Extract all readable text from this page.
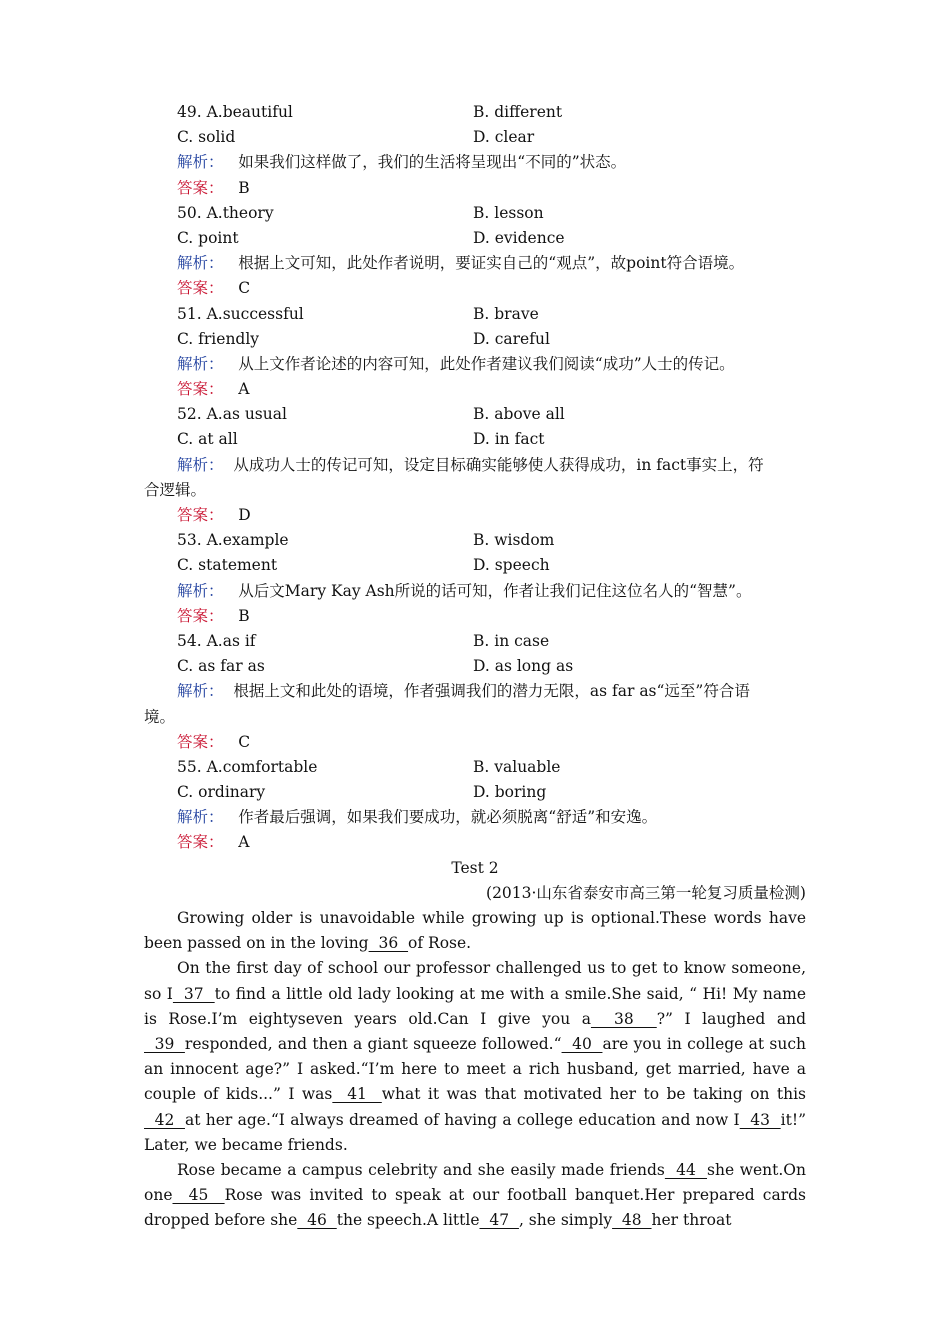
49. A.beautiful	B. different
C. solid	D. clear
解析： 如果我们这样做了，我们的生活将呈现出“不同的”状态。
答案： B
50. A.theory	B. lesson
C. point	D. evidence
解析： 根据上文可知，此处作者说明，要证实自己的“观点”，故point符合语境。
答案： C
51. A.successful	B. brave
C. friendly	D. careful
解析： 从上文作者论述的内容可知，此处作者建议我们阅读“成功”人士的传记。
答案： A
52. A.as usual	B. above all
C. at all	D. in fact
解析： 从成功人士的传记可知，设定目标确实能够使人获得成功，in fact事实上，符
合逻辑。
答案： D
53. A.example	B. wisdom
C. statement	D. speech
解析： 从后文Mary Kay Ash所说的话可知，作者让我们记住这位名人的“智慧”。
答案： B
54. A.as if	B. in case
C. as far as	D. as long as
解析： 根据上文和此处的语境，作者强调我们的潜力无限，as far as“远至”符合语
境。
答案： C
55. A.comfortable	B. valuable
C. ordinary	D. boring
解析： 作者最后强调，如果我们要成功，就必须脱离“舒适”和安逸。
答案： A
Test 2
(2013·山东省泰安市高三第一轮复习质量检测)

Growing older is unavoidable while growing up is optional.These words have been passed on in the loving  36  of Rose.

On the first day of school our professor challenged us to get to know someone, so I  37  to find a little old lady looking at me with a smile.She said, “ Hi! My name is Rose.I’m eightyseven years old.Can I give you a  38  ?” I laughed and  39  responded, and then a giant squeeze followed.“  40  are you in college at such an innocent age?” I asked.“I’m here to meet a rich husband, get married, have a couple of kids...” I was  41  what it was that motivated her to be taking on this  42  at her age.“I always dreamed of having a college education and now I  43  it!” Later, we became friends.

Rose became a campus celebrity and she easily made friends  44  she went.On one  45  Rose was invited to speak at our football banquet.Her prepared cards dropped before she  46  the speech.A little  47  , she simply  48  her throat
